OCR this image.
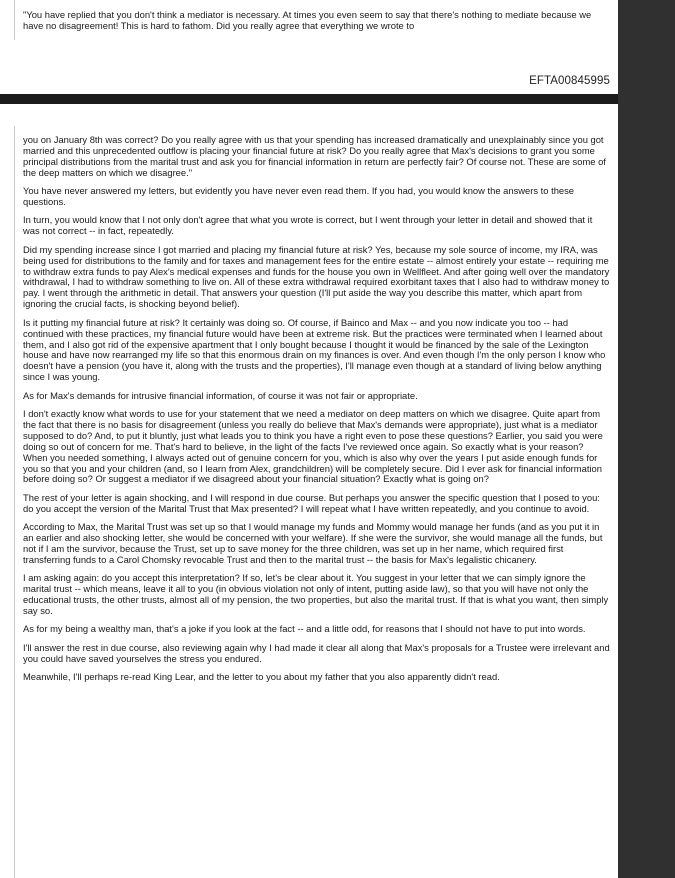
"You have replied that you don't think a mediator is necessary. At times you even seem to say that there's nothing to mediate because we have no disagreement! This is hard to fathom. Did you really agree that everything we wrote to

EFTA00845995

you on January 8th was correct? Do you really agree with us that your spending has increased dramatically and unexplainably since you got married and this unprecedented outflow is placing your financial future at risk? Do you really agree that Max's decisions to grant you some principal distributions from the marital trust and ask you for financial information in return are perfectly fair? Of course not. These are some of the deep matters on which we disagree."

You have never answered my letters, but evidently you have never even read them. If you had, you would know the answers to these questions.

In turn, you would know that I not only don't agree that what you wrote is correct, but I went through your letter in detail and showed that it was not correct -- in fact, repeatedly.

Did my spending increase since I got married and placing my financial future at risk? Yes, because my sole source of income, my IRA, was being used for distributions to the family and for taxes and management fees for the entire estate -- almost entirely your estate -- requiring me to withdraw extra funds to pay Alex's medical expenses and funds for the house you own in Wellfleet. And after going well over the mandatory withdrawal, I had to withdraw something to live on. All of these extra withdrawal required exorbitant taxes that I also had to withdraw money to pay. I went through the arithmetic in detail. That answers your question (I'll put aside the way you describe this matter, which apart from ignoring the crucial facts, is shocking beyond belief).

Is it putting my financial future at risk? It certainly was doing so. Of course, if Bainco and Max -- and you now indicate you too -- had continued with these practices, my financial future would have been at extreme risk. But the practices were terminated when I learned about them, and I also got rid of the expensive apartment that I only bought because I thought it would be financed by the sale of the Lexington house and have now rearranged my life so that this enormous drain on my finances is over. And even though I'm the only person I know who doesn't have a pension (you have it, along with the trusts and the properties), I'll manage even though at a standard of living below anything since I was young.

As for Max's demands for intrusive financial information, of course it was not fair or appropriate.

I don't exactly know what words to use for your statement that we need a mediator on deep matters on which we disagree. Quite apart from the fact that there is no basis for disagreement (unless you really do believe that Max's demands were appropriate), just what is a mediator supposed to do? And, to put it bluntly, just what leads you to think you have a right even to pose these questions? Earlier, you said you were doing so out of concern for me. That's hard to believe, in the light of the facts I've reviewed once again. So exactly what is your reason? When you needed something, I always acted out of genuine concern for you, which is also why over the years I put aside enough funds for you so that you and your children (and, so I learn from Alex, grandchildren) will be completely secure. Did I ever ask for financial information before doing so? Or suggest a mediator if we disagreed about your financial situation? Exactly what is going on?

The rest of your letter is again shocking, and I will respond in due course. But perhaps you answer the specific question that I posed to you: do you accept the version of the Marital Trust that Max presented? I will repeat what I have written repeatedly, and you continue to avoid.

According to Max, the Marital Trust was set up so that I would manage my funds and Mommy would manage her funds (and as you put it in an earlier and also shocking letter, she would be concerned with your welfare). If she were the survivor, she would manage all the funds, but not if I am the survivor, because the Trust, set up to save money for the three children, was set up in her name, which required first transferring funds to a Carol Chomsky revocable Trust and then to the marital trust -- the basis for Max's legalistic chicanery.

I am asking again: do you accept this interpretation? If so, let's be clear about it. You suggest in your letter that we can simply ignore the marital trust -- which means, leave it all to you (in obvious violation not only of intent, putting aside law), so that you will have not only the educational trusts, the other trusts, almost all of my pension, the two properties, but also the marital trust. If that is what you want, then simply say so.

As for my being a wealthy man, that's a joke if you look at the fact -- and a little odd, for reasons that I should not have to put into words.

I'll answer the rest in due course, also reviewing again why I had made it clear all along that Max's proposals for a Trustee were irrelevant and you could have saved yourselves the stress you endured.

Meanwhile, I'll perhaps re-read King Lear, and the letter to you about my father that you also apparently didn't read.
